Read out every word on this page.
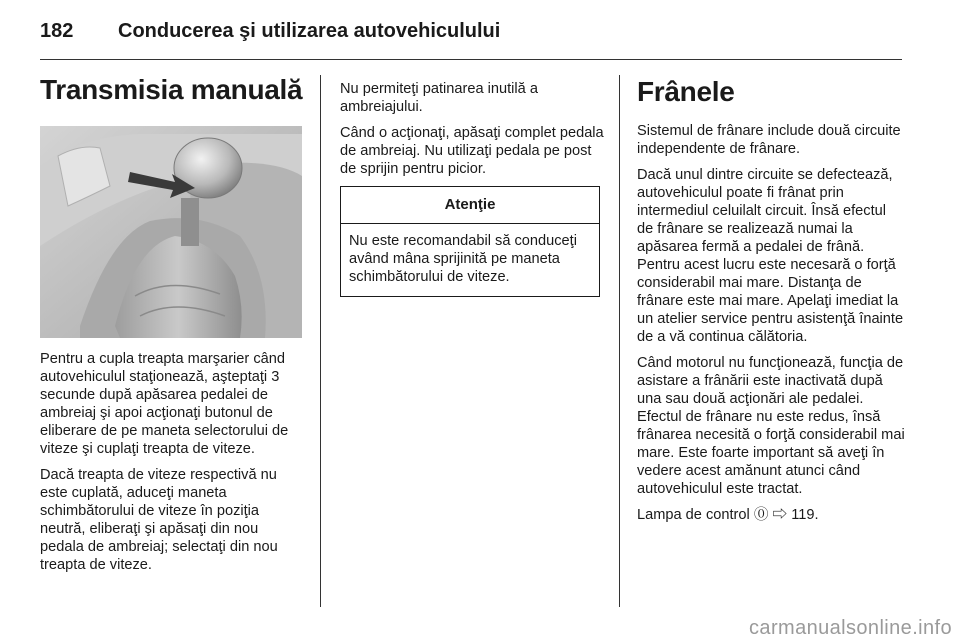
182 Conducerea şi utilizarea autovehiculului
Transmisia manuală

Pentru a cupla treapta marşarier când autovehiculul staţionează, aşteptaţi 3 secunde după apăsarea pedalei de ambreiaj şi apoi acţionaţi butonul de eliberare de pe maneta selectorului de viteze şi cuplaţi treapta de viteze.

Dacă treapta de viteze respectivă nu este cuplată, aduceţi maneta schimbătorului de viteze în poziţia neutră, eliberaţi şi apăsaţi din nou pedala de ambreiaj; selectaţi din nou treapta de viteze.

Nu permiteţi patinarea inutilă a ambreiajului.

Când o acţionaţi, apăsaţi complet pedala de ambreiaj. Nu utilizaţi pedala pe post de sprijin pentru picior.

Atenţie

Nu este recomandabil să conduceţi având mâna sprijinită pe maneta schimbătorului de viteze.

Frânele

Sistemul de frânare include două circuite independente de frânare.

Dacă unul dintre circuite se defectează, autovehiculul poate fi frânat prin intermediul celuilalt circuit. Însă efectul de frânare se realizează numai la apăsarea fermă a pedalei de frână. Pentru acest lucru este necesară o forţă considerabil mai mare. Distanţa de frânare este mai mare. Apelaţi imediat la un atelier service pentru asistenţă înainte de a vă continua călătoria.

Când motorul nu funcţionează, funcţia de asistare a frânării este inactivată după una sau două acţionări ale pedalei. Efectul de frânare nu este redus, însă frânarea necesită o forţă considerabil mai mare. Este foarte important să aveţi în vedere acest amănunt atunci când autovehiculul este tractat.

Lampa de control ⓪ ⇨ 119.

carmanualsonline.info
